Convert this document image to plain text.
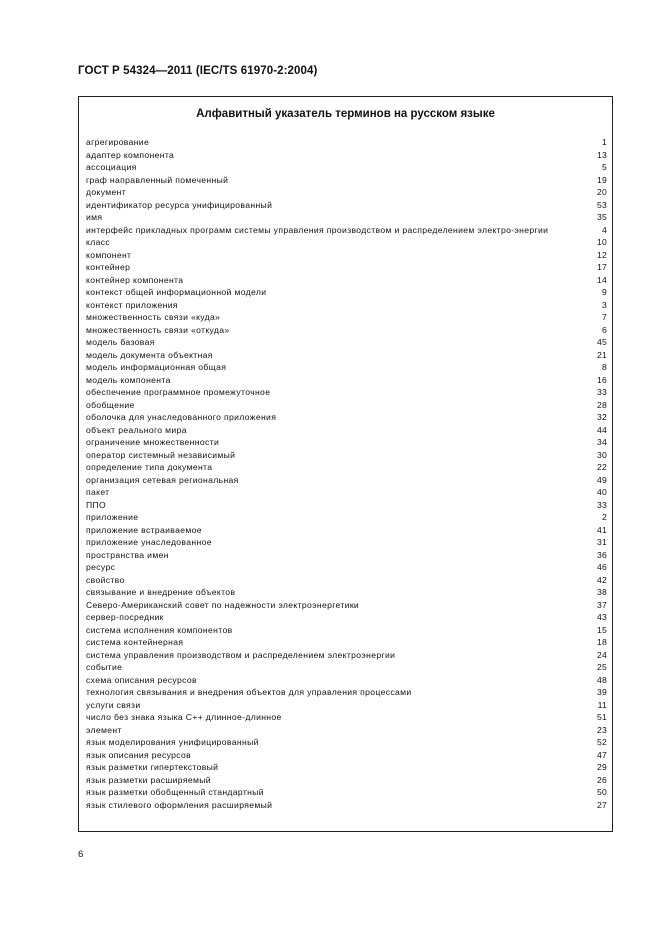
ГОСТ Р 54324—2011 (IEC/TS 61970-2:2004)
Алфавитный указатель терминов на русском языке
агрегирование	1
адаптер компонента	13
ассоциация	5
граф направленный помеченный	19
документ	20
идентификатор ресурса унифицированный	53
имя	35
интерфейс прикладных программ системы управления производством и распределением электро-энергии	4
класс	10
компонент	12
контейнер	17
контейнер компонента	14
контекст общей информационной модели	9
контекст приложения	3
множественность связи «куда»	7
множественность связи «откуда»	6
модель базовая	45
модель документа объектная	21
модель информационная общая	8
модель компонента	16
обеспечение программное промежуточное	33
обобщение	28
оболочка для унаследованного приложения	32
объект реального мира	44
ограничение множественности	34
оператор системный независимый	30
определение типа документа	22
организация сетевая региональная	49
пакет	40
ППО	33
приложение	2
приложение встраиваемое	41
приложение унаследованное	31
пространства имен	36
ресурс	46
свойство	42
связывание и внедрение объектов	38
Северо-Американский совет по надежности электроэнергетики	37
сервер-посредник	43
система исполнения компонентов	15
система контейнерная	18
система управления производством и распределением электроэнергии	24
событие	25
схема описания ресурсов	48
технология связывания и внедрения объектов для управления процессами	39
услуги связи	11
число без знака языка С++ длинное-длинное	51
элемент	23
язык моделирования унифицированный	52
язык описания ресурсов	47
язык разметки гипертекстовый	29
язык разметки расширяемый	26
язык разметки обобщенный стандартный	50
язык стилевого оформления расширяемый	27
6
